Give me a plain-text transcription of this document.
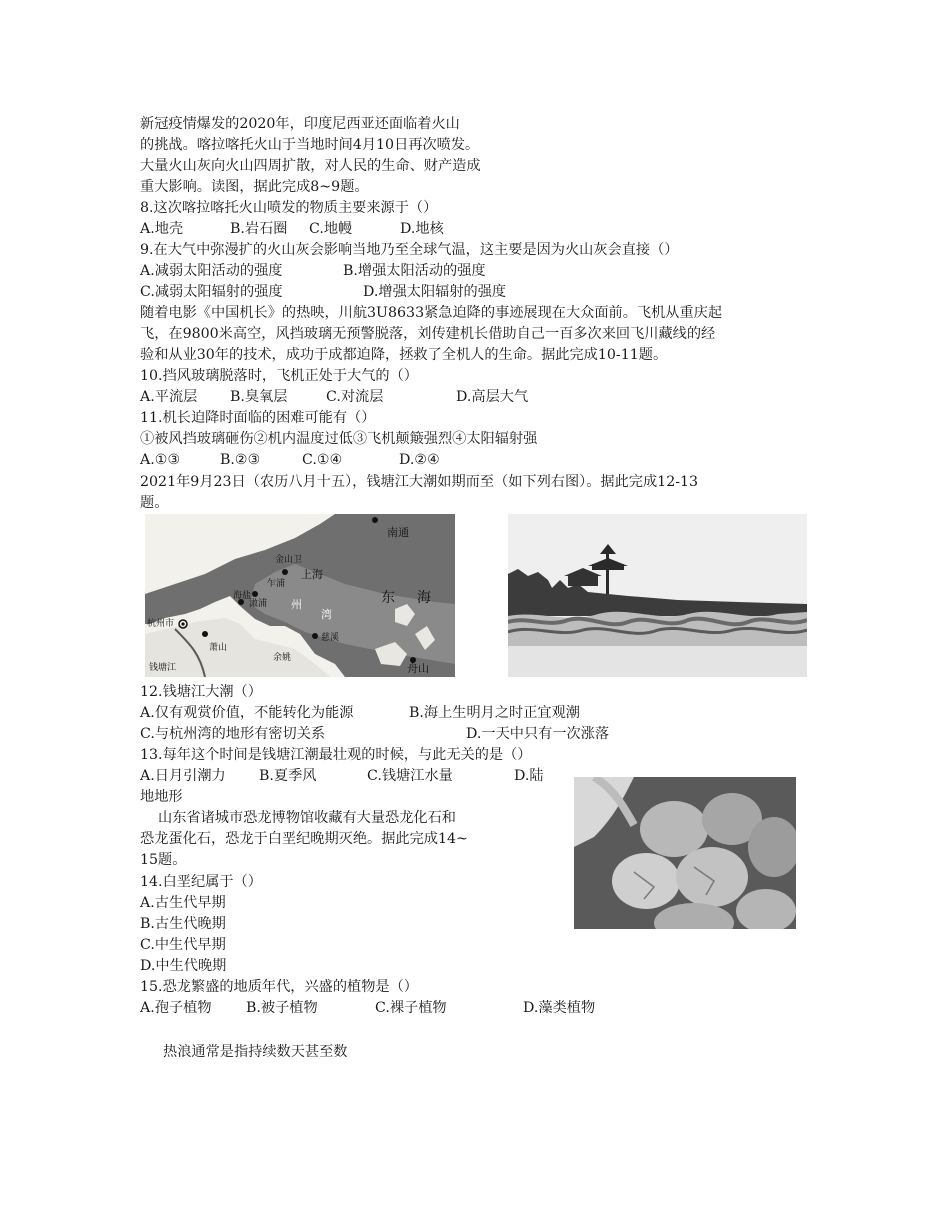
新冠疫情爆发的2020年，印度尼西亚还面临着火山
的挑战。喀拉喀托火山于当地时间4月10日再次喷发。
大量火山灰向火山四周扩散，对人民的生命、财产造成
重大影响。读图，据此完成8~9题。
8.这次喀拉喀托火山喷发的物质主要来源于（）
A.地壳	B.岩石圈 C.地幔	D.地核
9.在大气中弥漫扩的火山灰会影响当地乃至全球气温，这主要是因为火山灰会直接（）
A.减弱太阳活动的强度	B.增强太阳活动的强度
C.减弱太阳辐射的强度	D.增强太阳辐射的强度
随着电影《中国机长》的热映，川航3U8633紧急迫降的事迹展现在大众面前。飞机从重庆起
飞，在9800米高空，风挡玻璃无预警脱落，刘传建机长借助自己一百多次来回飞川藏线的经
验和从业30年的技术，成功于成都迫降，拯救了全机人的生命。据此完成10-11题。
10.挡风玻璃脱落时，飞机正处于大气的（）
A.平流层 B.臭氧层	C.对流层	D.高层大气
11.机长迫降时面临的困难可能有（）
①被风挡玻璃砸伤②机内温度过低③飞机颠簸强烈④太阳辐射强
A.①③	B.②③	C.①④	D.②④
2021年9月23日（农历八月十五），钱塘江大潮如期而至（如下列右图）。据此完成12-13
题。
南通
金山卫
上海
乍浦
杭州市
澉浦
海盐
州
湾
东 海
钱塘江
萧山
余姚
慈溪
舟山
12.钱塘江大潮（）
A.仅有观赏价值，不能转化为能源	B.海上生明月之时正宜观潮
C.与杭州湾的地形有密切关系	D.一天中只有一次涨落
13.每年这个时间是钱塘江潮最壮观的时候，与此无关的是（）
A.日月引潮力 B.夏季风	C.钱塘江水量	D.陆
地地形
山东省诸城市恐龙博物馆收藏有大量恐龙化石和
恐龙蛋化石，恐龙于白垩纪晚期灭绝。据此完成14~
15题。
14.白垩纪属于（）
A.古生代早期
B.古生代晚期
C.中生代早期
D.中生代晚期
15.恐龙繁盛的地质年代，兴盛的植物是（）
A.孢子植物 B.被子植物	C.裸子植物	D.藻类植物
热浪通常是指持续数天甚至数
